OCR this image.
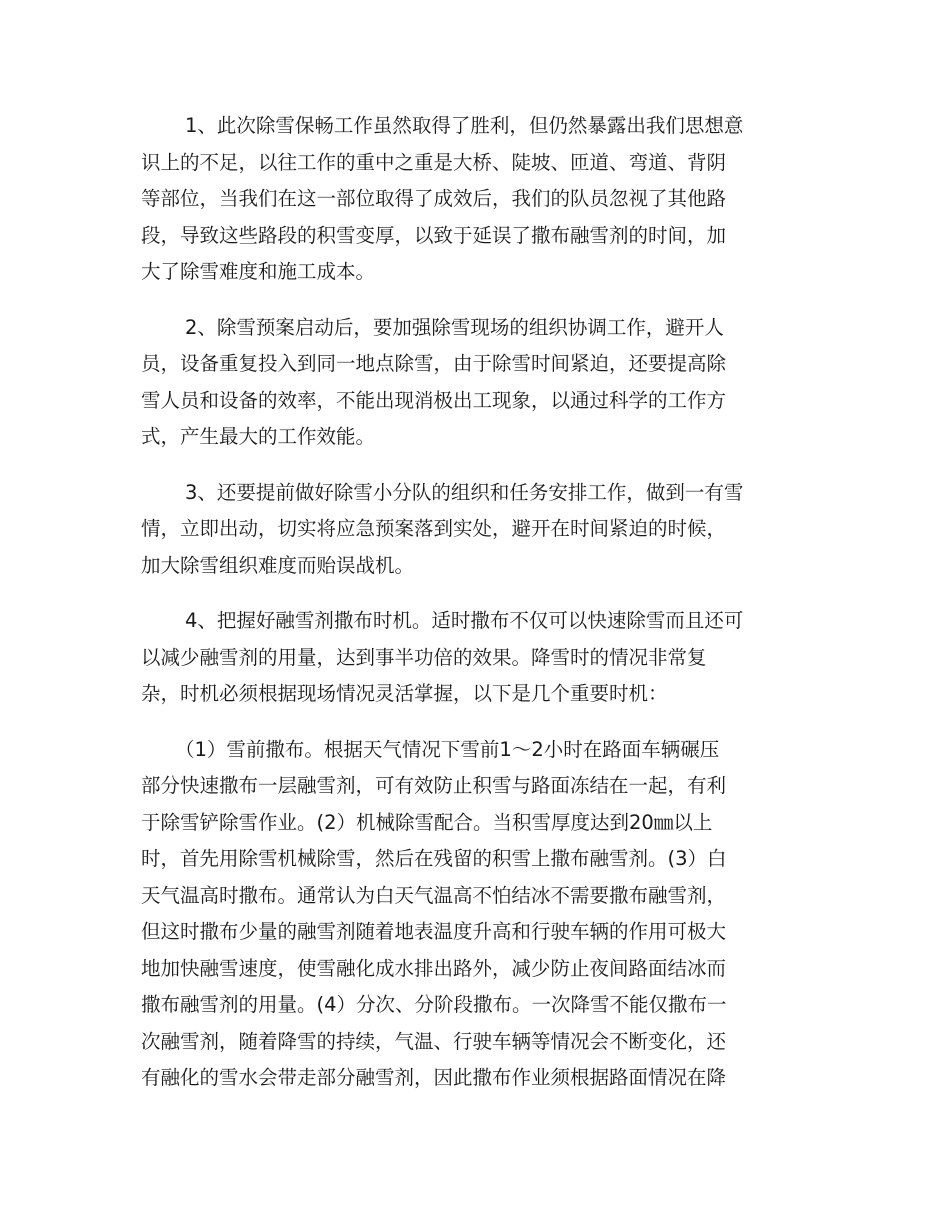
1、此次除雪保畅工作虽然取得了胜利，但仍然暴露出我们思想意
识上的不足，以往工作的重中之重是大桥、陡坡、匝道、弯道、背阴
等部位，当我们在这一部位取得了成效后，我们的队员忽视了其他路
段，导致这些路段的积雪变厚，以致于延误了撒布融雪剂的时间，加
大了除雪难度和施工成本。

2、除雪预案启动后，要加强除雪现场的组织协调工作，避开人
员，设备重复投入到同一地点除雪，由于除雪时间紧迫，还要提高除
雪人员和设备的效率，不能出现消极出工现象，以通过科学的工作方
式，产生最大的工作效能。

3、还要提前做好除雪小分队的组织和任务安排工作，做到一有雪
情，立即出动，切实将应急预案落到实处，避开在时间紧迫的时候，
加大除雪组织难度而贻误战机。

4、把握好融雪剂撒布时机。适时撒布不仅可以快速除雪而且还可
以减少融雪剂的用量，达到事半功倍的效果。降雪时的情况非常复
杂，时机必须根据现场情况灵活掌握，以下是几个重要时机：

（1）雪前撒布。根据天气情况下雪前1～2小时在路面车辆碾压
部分快速撒布一层融雪剂，可有效防止积雪与路面冻结在一起，有利
于除雪铲除雪作业。(2）机械除雪配合。当积雪厚度达到20㎜以上
时，首先用除雪机械除雪，然后在残留的积雪上撒布融雪剂。(3）白
天气温高时撒布。通常认为白天气温高不怕结冰不需要撒布融雪剂，
但这时撒布少量的融雪剂随着地表温度升高和行驶车辆的作用可极大
地加快融雪速度，使雪融化成水排出路外，减少防止夜间路面结冰而
撒布融雪剂的用量。(4）分次、分阶段撒布。一次降雪不能仅撒布一
次融雪剂，随着降雪的持续，气温、行驶车辆等情况会不断变化，还
有融化的雪水会带走部分融雪剂，因此撒布作业须根据路面情况在降
